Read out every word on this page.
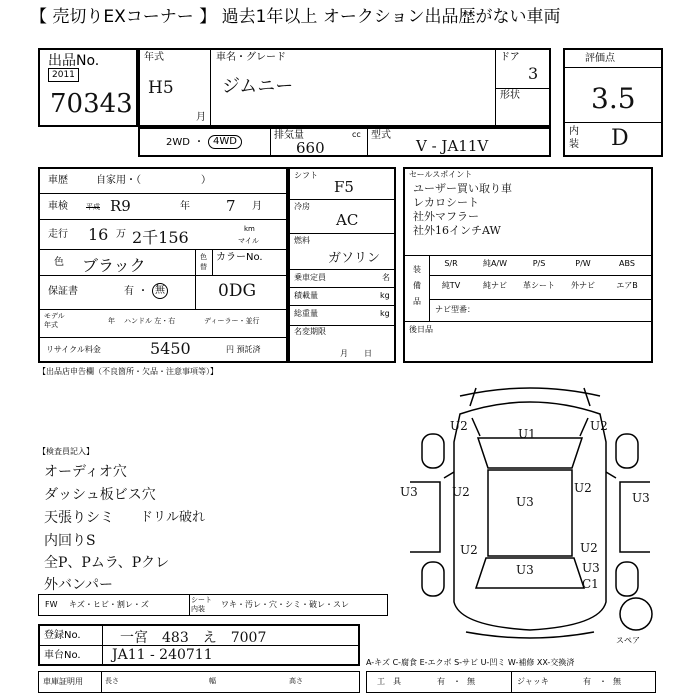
【 売切りEXコーナー 】 過去1年以上 オークション出品歴がない車両
出品No.
2011
70343
年式
H5
月
車名・グレード
ジムニー
ドア
3
形状
2WD ・ 4WD
排気量
660
cc 型式
V - JA11V
評価点
3.5
内
装 D
車歴	自家用・（　　　　　　）
車検	平成 R9	年 7 月
走行 16 万 2千156	km
マイル
色 ブラック	色
替
カラーNo.
保証書	有 ・ 無	0DG
モデル
年式	年 ハンドル 左・右	ディーラー・並行
リサイクル料金	5450	円 預託済
シフト
F5
冷房
AC
燃料
ガソリン
乗車定員	名
積載量	kg
総重量	kg
名変期限
月　　日
セールスポイント
ユーザー買い取り車
レカロシート
社外マフラー
社外16インチAW
装
備
品
S/R	純A/W	P/S	P/W	ABS
純TV	純ナビ	革シート	外ナビ	エアB
ナビ型番：
後日品
【出品店申告欄（不良箇所・欠品・注意事項等）】
【検査員記入】
オーディオ穴
ダッシュ板ビス穴
天張りシミ ドリル破れ
内回りS
全P、Pムラ、Pクレ
外バンパー
FW キズ・ヒビ・割レ・ズ	シート
内装 ワキ・汚レ・穴・シミ・破レ・スレ
登録No.	一宮　483　え　7007
車台No. JA11 - 240711
車庫証明用	長さ	幅	高さ
U2
U1
U2
U2	U2
U3
U3	U3
U2	U2
U3	U3
C1
スペア
A-キズ C-腐食 E-エクボ S-サビ U-凹ミ W-補修 XX-交換済
工　具	有 ・ 無	ジャッキ	有 ・ 無
